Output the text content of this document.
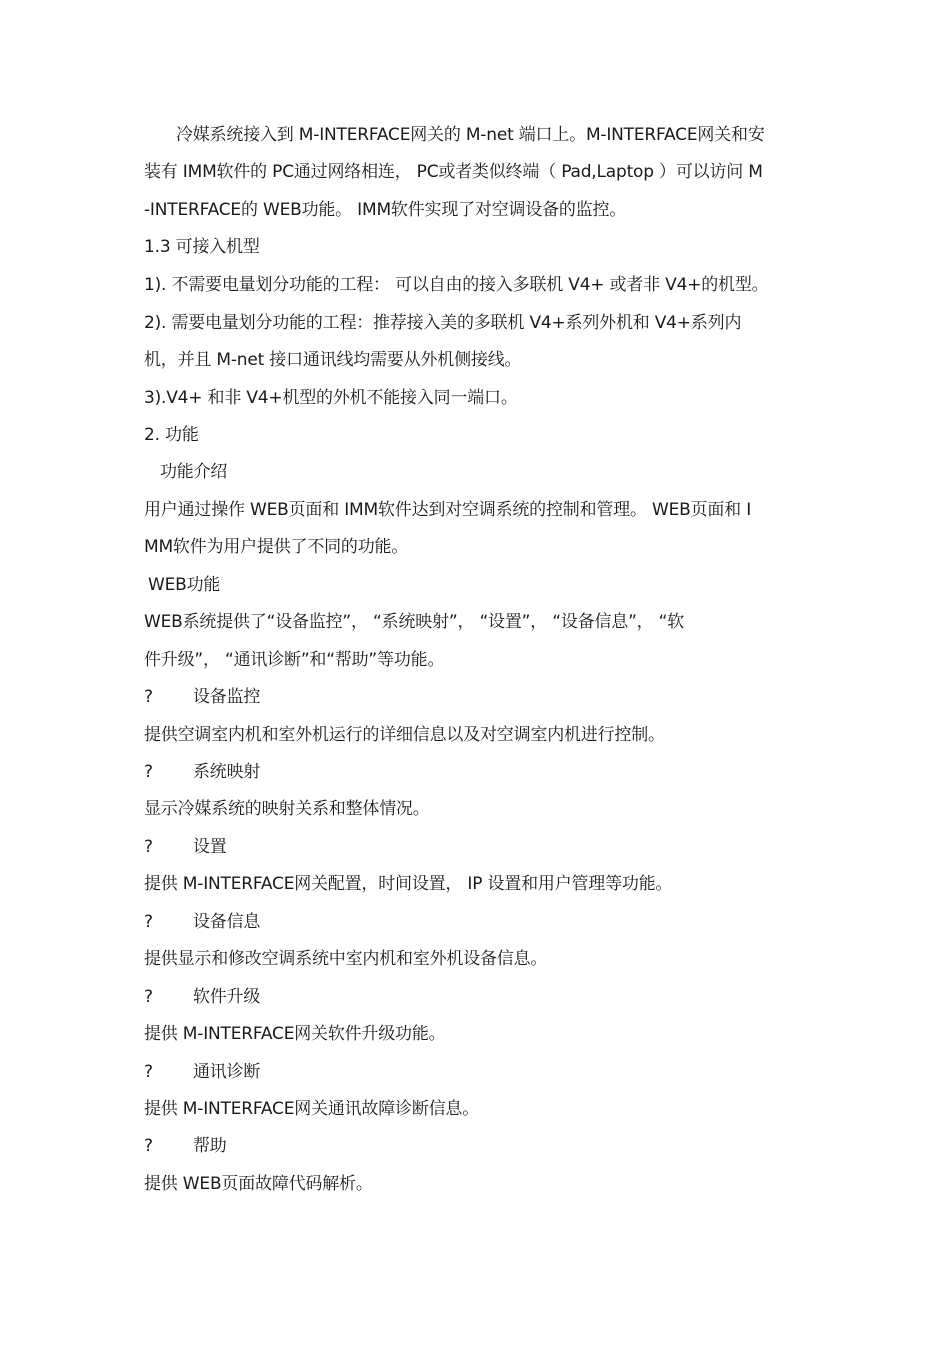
冷媒系统接入到 M-INTERFACE网关的 M-net 端口上。M-INTERFACE网关和安
装有 IMM软件的 PC通过网络相连， PC或者类似终端（ Pad,Laptop ）可以访问 M
-INTERFACE的 WEB功能。 IMM软件实现了对空调设备的监控。
1.3 可接入机型
1). 不需要电量划分功能的工程： 可以自由的接入多联机 V4+ 或者非 V4+的机型。
2). 需要电量划分功能的工程：推荐接入美的多联机 V4+系列外机和 V4+系列内
机，并且 M-net 接口通讯线均需要从外机侧接线。
3).V4+ 和非 V4+机型的外机不能接入同一端口。
2. 功能
功能介绍
用户通过操作 WEB页面和 IMM软件达到对空调系统的控制和管理。 WEB页面和 I
MM软件为用户提供了不同的功能。
WEB功能
WEB系统提供了“设备监控”， “系统映射”， “设置”， “设备信息”， “软
件升级”， “通讯诊断”和“帮助”等功能。
? 设备监控
提供空调室内机和室外机运行的详细信息以及对空调室内机进行控制。
? 系统映射
显示冷媒系统的映射关系和整体情况。
? 设置
提供 M-INTERFACE网关配置，时间设置， IP 设置和用户管理等功能。
? 设备信息
提供显示和修改空调系统中室内机和室外机设备信息。
? 软件升级
提供 M-INTERFACE网关软件升级功能。
? 通讯诊断
提供 M-INTERFACE网关通讯故障诊断信息。
? 帮助
提供 WEB页面故障代码解析。
